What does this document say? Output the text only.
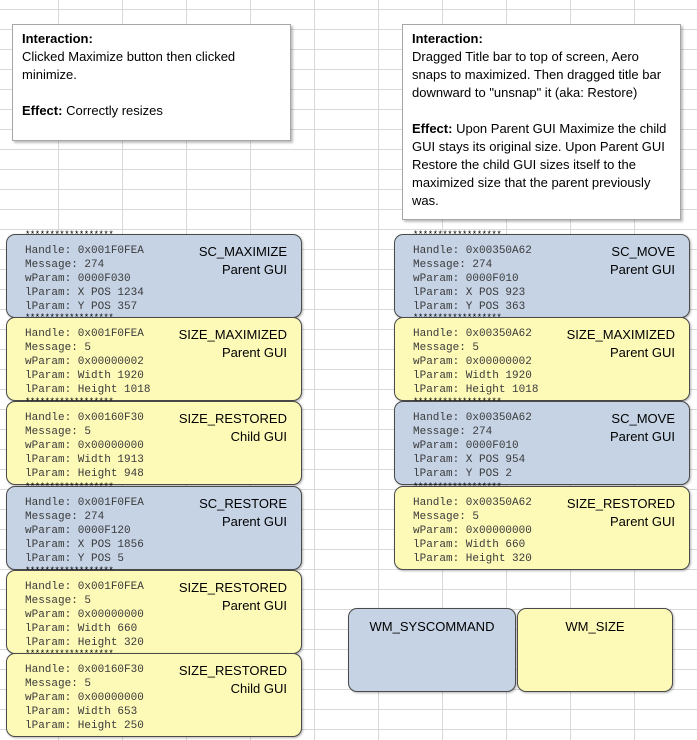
Interaction:

Clicked Maximize button then clicked minimize.

Effect: Correctly resizes

Interaction:

Dragged Title bar to top of screen, Aero snaps to maximized. Then dragged title bar downward to "unsnap" it (aka: Restore)

Effect: Upon Parent GUI Maximize the child GUI stays its original size. Upon Parent GUI Restore the child GUI sizes itself to the maximized size that the parent previously was.

******************
Handle: 0x001F0FEA
Message: 274
wParam: 0000F030
lParam: X POS 1234
lParam: Y POS 357
SC_MAXIMIZE
Parent GUI
******************
Handle: 0x001F0FEA
Message: 5
wParam: 0x00000002
lParam: Width 1920
lParam: Height 1018
SIZE_MAXIMIZED
Parent GUI
******************
Handle: 0x00160F30
Message: 5
wParam: 0x00000000
lParam: Width 1913
lParam: Height 948
SIZE_RESTORED
Child GUI
******************
Handle: 0x001F0FEA
Message: 274
wParam: 0000F120
lParam: X POS 1856
lParam: Y POS 5
SC_RESTORE
Parent GUI
******************
Handle: 0x001F0FEA
Message: 5
wParam: 0x00000000
lParam: Width 660
lParam: Height 320
SIZE_RESTORED
Parent GUI
******************
Handle: 0x00160F30
Message: 5
wParam: 0x00000000
lParam: Width 653
lParam: Height 250
SIZE_RESTORED
Child GUI
******************
Handle: 0x00350A62
Message: 274
wParam: 0000F010
lParam: X POS 923
lParam: Y POS 363
SC_MOVE
Parent GUI
******************
Handle: 0x00350A62
Message: 5
wParam: 0x00000002
lParam: Width 1920
lParam: Height 1018
SIZE_MAXIMIZED
Parent GUI
******************
Handle: 0x00350A62
Message: 274
wParam: 0000F010
lParam: X POS 954
lParam: Y POS 2
SC_MOVE
Parent GUI
******************
Handle: 0x00350A62
Message: 5
wParam: 0x00000000
lParam: Width 660
lParam: Height 320
SIZE_RESTORED
Parent GUI
WM_SYSCOMMAND	WM_SIZE
